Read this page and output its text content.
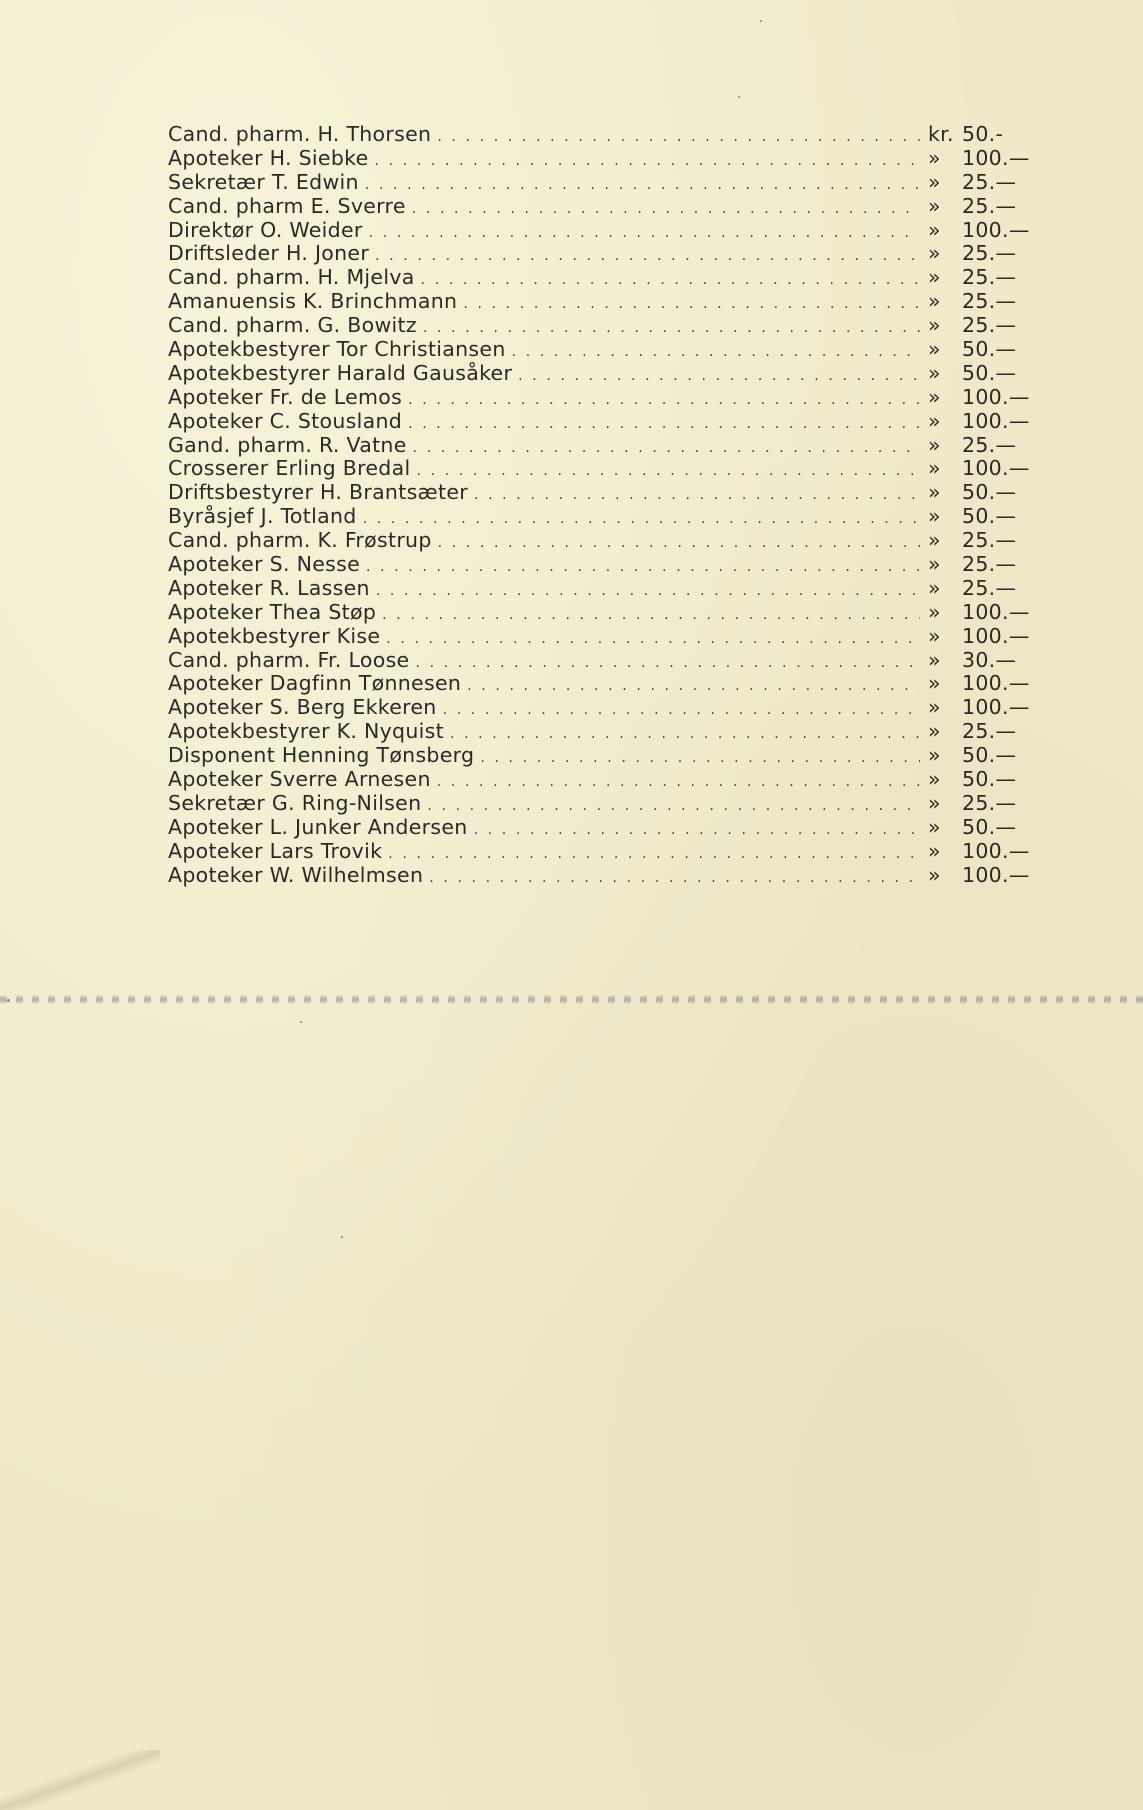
Cand. pharm. H. Thorsen . . .	kr. 50.-
Apoteker H. Siebke . . .	»	100.—
Sekretær T. Edwin . . .	»	25.—
Cand. pharm E. Sverre . . .	»	25.—
Direktør O. Weider . . .	»	100.—
Driftsleder H. Joner . . .	»	25.—
Cand. pharm. H. Mjelva . . .	»	25.—
Amanuensis K. Brinchmann . . .	»	25.—
Cand. pharm. G. Bowitz . . .	»	25.—
Apotekbestyrer Tor Christiansen . . .	»	50.—
Apotekbestyrer Harald Gausåker . . .	»	50.—
Apoteker Fr. de Lemos . . .	»	100.—
Apoteker C. Stousland . . .	»	100.—
Gand. pharm. R. Vatne . . .	»	25.—
Crosserer Erling Bredal . . .	»	100.—
Driftsbestyrer H. Brantsæter . . .	»	50.—
Byråsjef J. Totland . . .	»	50.—
Cand. pharm. K. Frøstrup . . .	»	25.—
Apoteker S. Nesse . . .	»	25.—
Apoteker R. Lassen . . .	»	25.—
Apoteker Thea Støp . . .	»	100.—
Apotekbestyrer Kise . . .	»	100.—
Cand. pharm. Fr. Loose . . .	»	30.—
Apoteker Dagfinn Tønnesen . . .	»	100.—
Apoteker S. Berg Ekkeren . . .	»	100.—
Apotekbestyrer K. Nyquist . . .	»	25.—
Disponent Henning Tønsberg . . .	»	50.—
Apoteker Sverre Arnesen . . .	»	50.—
Sekretær G. Ring-Nilsen . . .	»	25.—
Apoteker L. Junker Andersen . . .	»	50.—
Apoteker Lars Trovik . . .	»	100.—
Apoteker W. Wilhelmsen . . .	»	100.—
